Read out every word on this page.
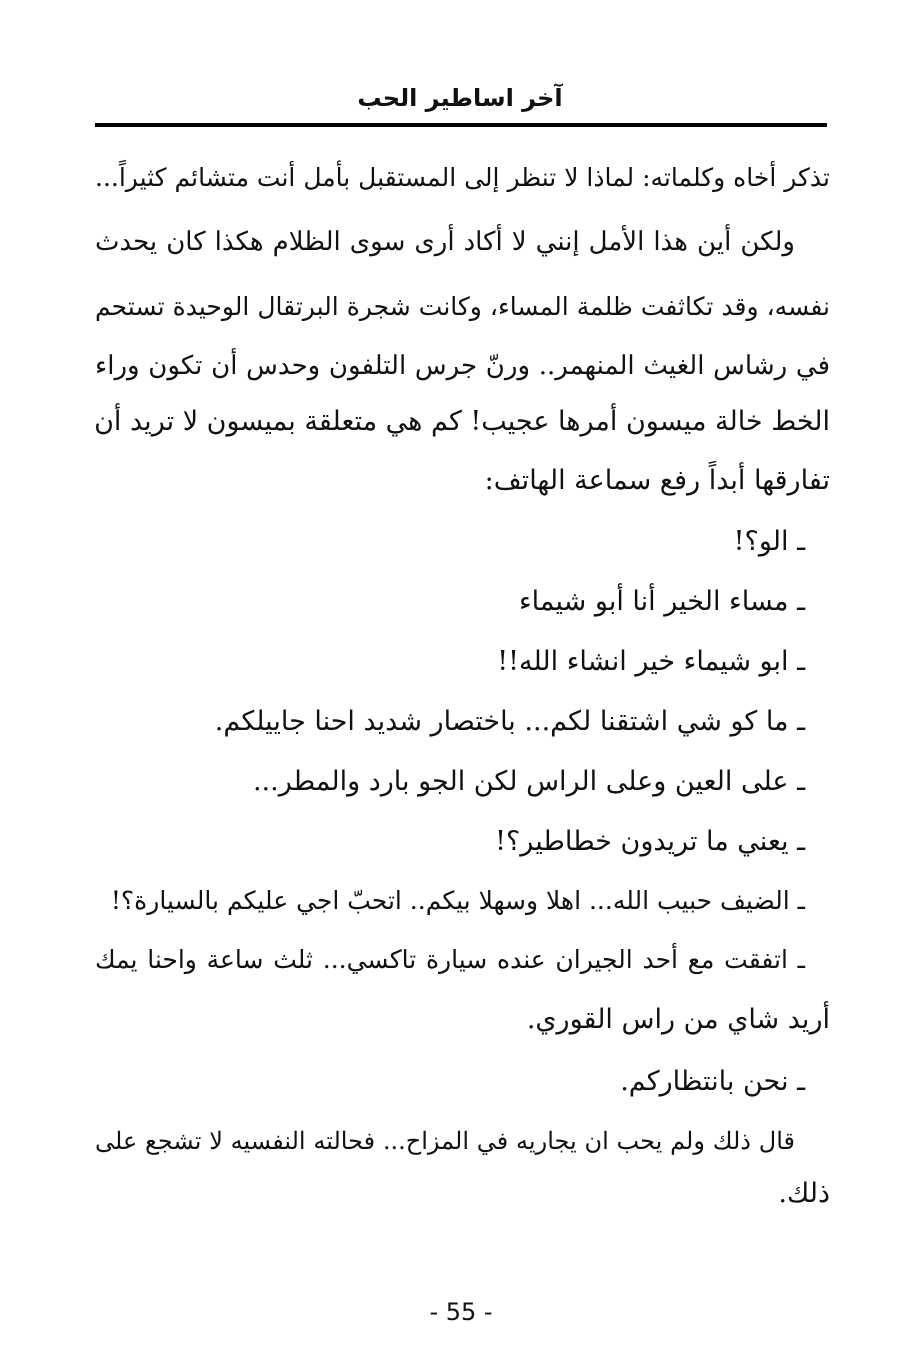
آخر اساطير الحب
تذكر أخاه وكلماته: لماذا لا تنظر إلى المستقبل بأمل أنت متشائم كثيراً...
ولكن أين هذا الأمل إنني لا أكاد أرى سوى الظلام هكذا كان يحدث
نفسه، وقد تكاثفت ظلمة المساء، وكانت شجرة البرتقال الوحيدة تستحم
في رشاس الغيث المنهمر.. ورنّ جرس التلفون وحدس أن تكون وراء
الخط خالة ميسون أمرها عجيب! كم هي متعلقة بميسون لا تريد أن
تفارقها أبداً رفع سماعة الهاتف:
ـ الو؟!
ـ مساء الخير أنا أبو شيماء
ـ ابو شيماء خير انشاء الله!!
ـ ما كو شي اشتقنا لكم... باختصار شديد احنا جاييلكم.
ـ على العين وعلى الراس لكن الجو بارد والمطر...
ـ يعني ما تريدون خطاطير؟!
ـ الضيف حبيب الله... اهلا وسهلا بيكم.. اتحبّ اجي عليكم بالسيارة؟!
ـ اتفقت مع أحد الجيران عنده سيارة تاكسي... ثلث ساعة واحنا يمك
أريد شاي من راس القوري.
ـ نحن بانتظاركم.
قال ذلك ولم يحب ان يجاريه في المزاح... فحالته النفسيه لا تشجع على
ذلك.
- 55 -
